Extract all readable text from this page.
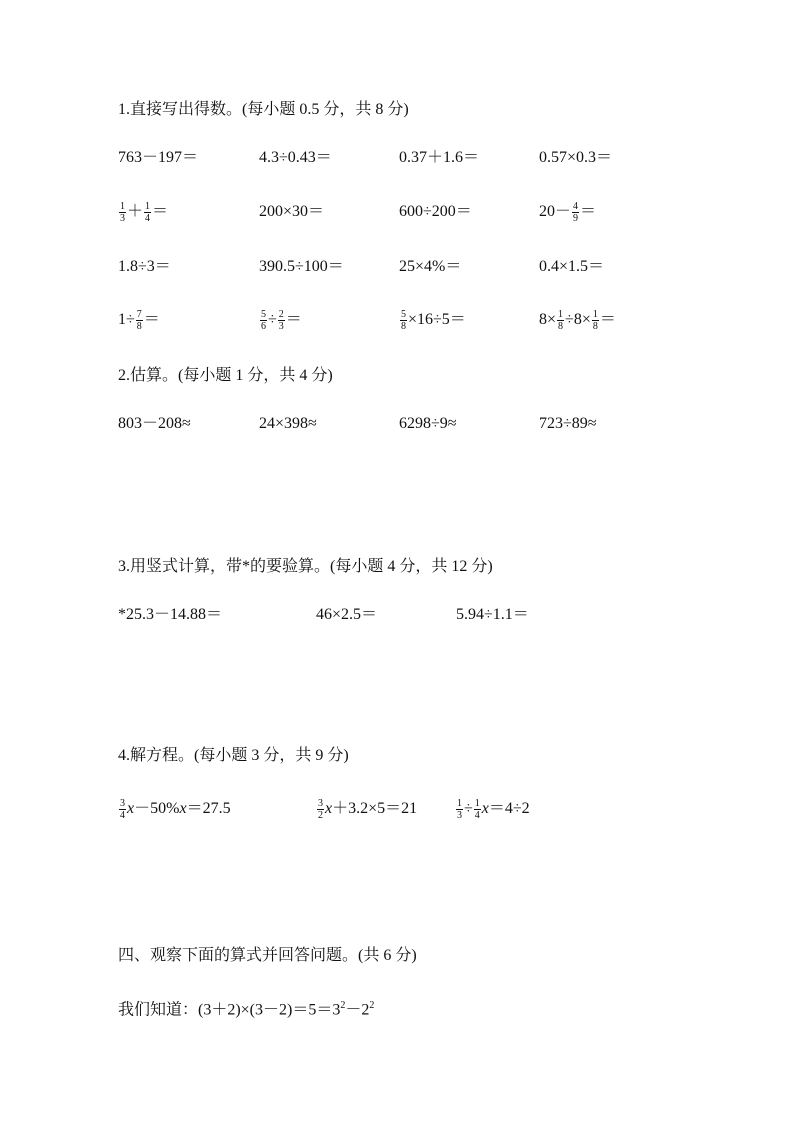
1.直接写出得数。(每小题 0.5 分，共 8 分)
763－197＝	4.3÷0.43＝	0.37＋1.6＝	0.57×0.3＝
$\frac{1}{3} + \frac{1}{4}$ ＝	200×30＝	600÷200＝	$20- \frac{4}{9}$ ＝
1.8÷3＝	390.5÷100＝	25×4%＝	0.4×1.5＝
$1\div \frac{7}{8}$ ＝	$\frac{5}{6} \div \frac{2}{3}$ ＝	$\frac{5}{8} \times 16\div 5=$	$8\times \frac{1}{8} \div 8\times \frac{1}{8}$ ＝
2.估算。(每小题 1 分，共 4 分)
803－208≈	24×398≈	6298÷9≈	723÷89≈
3.用竖式计算，带*的要验算。(每小题 4 分，共 12 分)
*25.3－14.88＝	46×2.5＝	5.94÷1.1＝
4.解方程。(每小题 3 分，共 9 分)
$\frac{3}{4} x-50\%x=27.5$	$\frac{3}{2} x+3.2\times 5=21$	$\frac{1}{3} \div \frac{1}{4} x=4\div 2$
四、观察下面的算式并回答问题。(共 6 分)
我们知道：$(3+2)\times(3-2)=5=3^2-2^2$
